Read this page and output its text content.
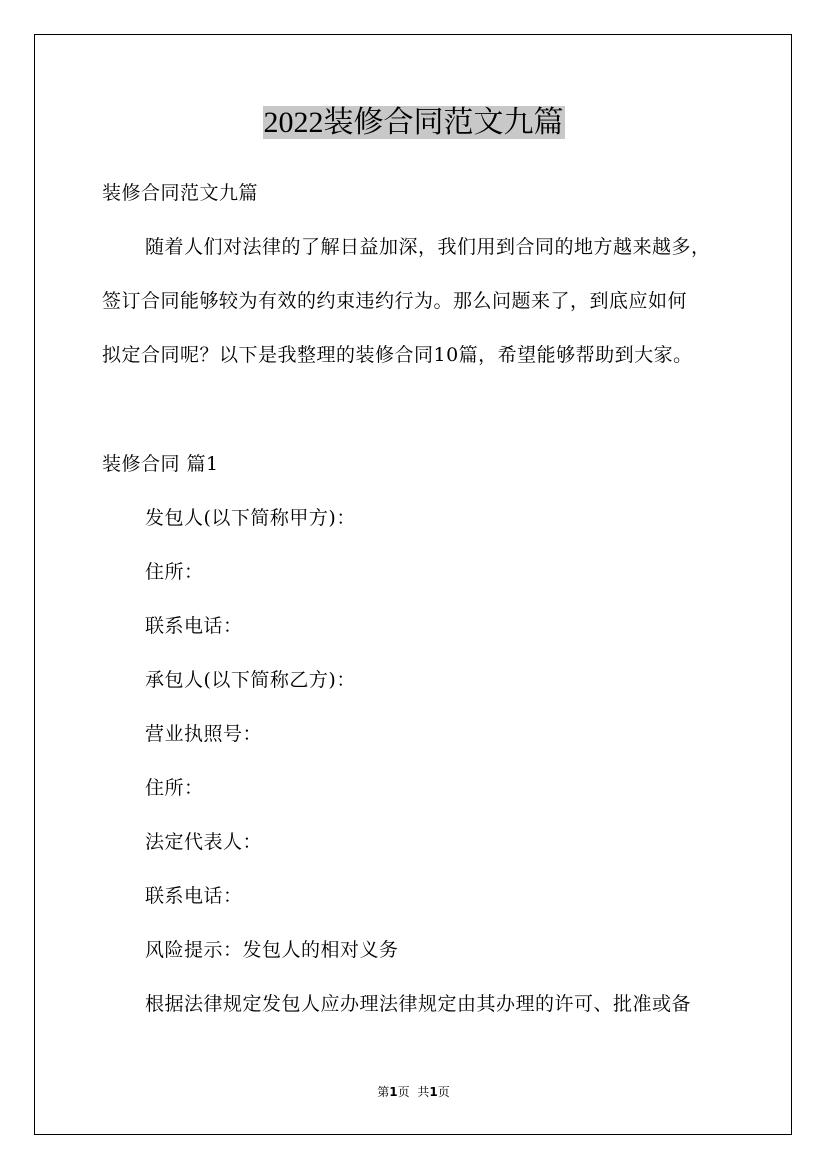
2022装修合同范文九篇
装修合同范文九篇
随着人们对法律的了解日益加深，我们用到合同的地方越来越多，
签订合同能够较为有效的约束违约行为。那么问题来了，到底应如何
拟定合同呢？以下是我整理的装修合同10篇，希望能够帮助到大家。
装修合同 篇1
发包人(以下简称甲方)：
住所：
联系电话：
承包人(以下简称乙方)：
营业执照号：
住所：
法定代表人：
联系电话：
风险提示：发包人的相对义务
根据法律规定发包人应办理法律规定由其办理的许可、批准或备
第1页 共1页
